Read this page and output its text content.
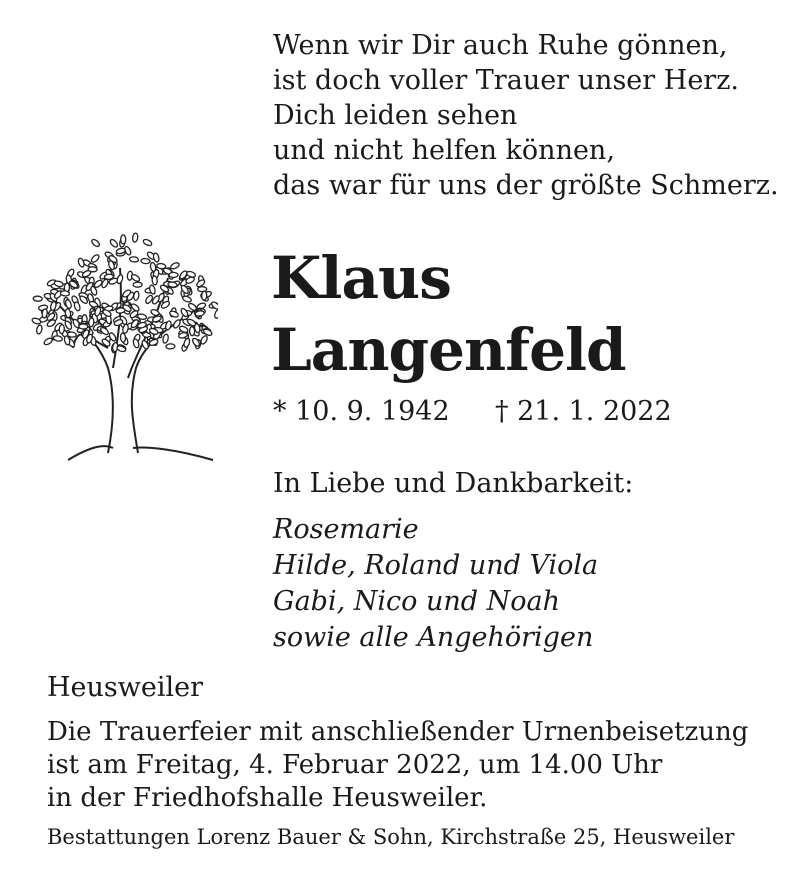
Wenn wir Dir auch Ruhe gönnen,
ist doch voller Trauer unser Herz.
Dich leiden sehen
und nicht helfen können,
das war für uns der größte Schmerz.
Klaus
Langenfeld
* 10. 9. 1942 † 21. 1. 2022
In Liebe und Dankbarkeit:
Rosemarie
Hilde, Roland und Viola
Gabi, Nico und Noah
sowie alle Angehörigen
Heusweiler
Die Trauerfeier mit anschließender Urnenbeisetzung
ist am Freitag, 4. Februar 2022, um 14.00 Uhr
in der Friedhofshalle Heusweiler.
Bestattungen Lorenz Bauer & Sohn, Kirchstraße 25, Heusweiler
